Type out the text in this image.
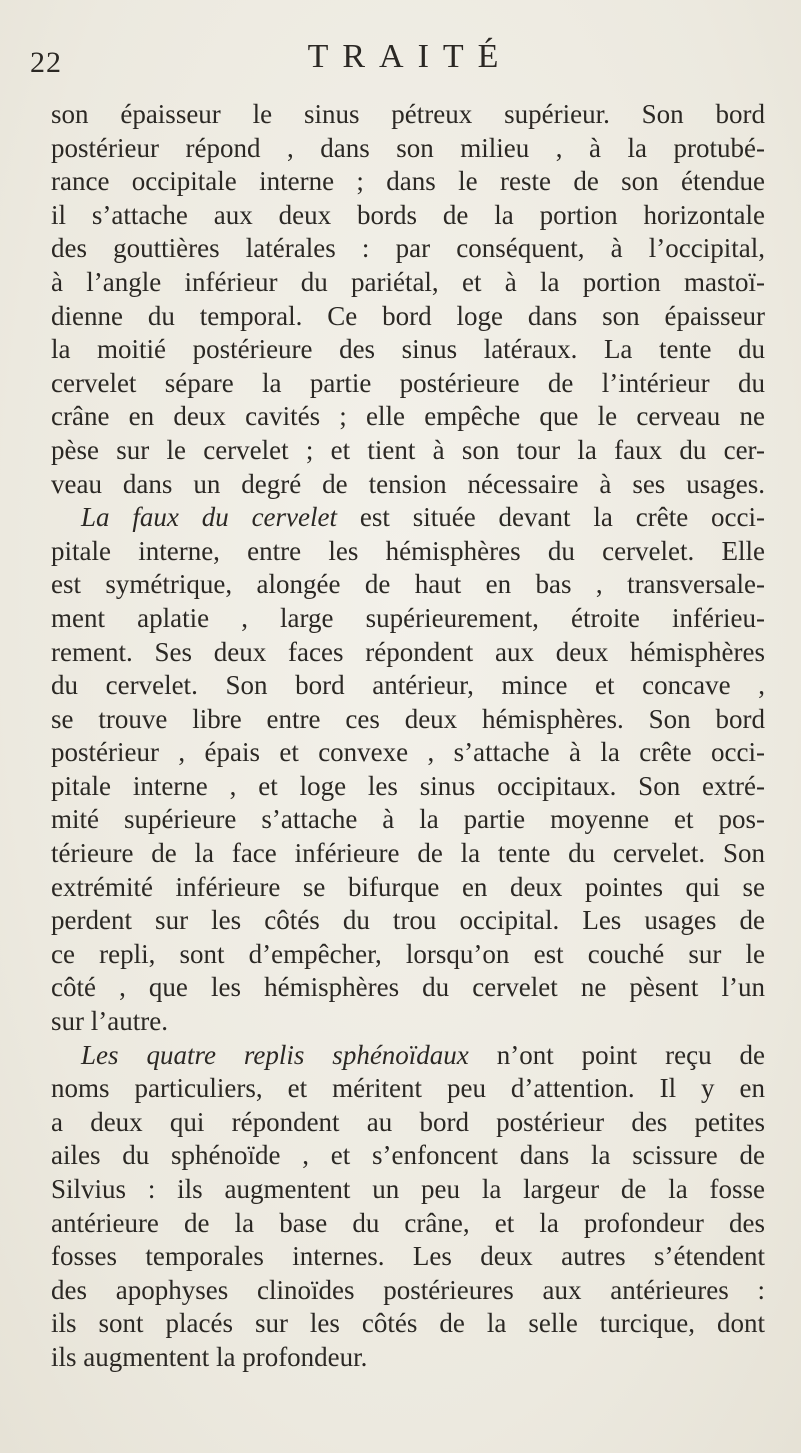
22	TRAITÉ
son épaisseur le sinus pétreux supérieur. Son bord
postérieur répond , dans son milieu , à la protubé-
rance occipitale interne ; dans le reste de son étendue
il s’attache aux deux bords de la portion horizontale
des gouttières latérales : par conséquent, à l’occipital,
à l’angle inférieur du pariétal, et à la portion mastoï-
dienne du temporal. Ce bord loge dans son épaisseur
la moitié postérieure des sinus latéraux. La tente du
cervelet sépare la partie postérieure de l’intérieur du
crâne en deux cavités ; elle empêche que le cerveau ne
pèse sur le cervelet ; et tient à son tour la faux du cer-
veau dans un degré de tension nécessaire à ses usages.
La faux du cervelet est située devant la crête occi-
pitale interne, entre les hémisphères du cervelet. Elle
est symétrique, alongée de haut en bas , transversale-
ment aplatie , large supérieurement, étroite inférieu-
rement. Ses deux faces répondent aux deux hémisphères
du cervelet. Son bord antérieur, mince et concave ,
se trouve libre entre ces deux hémisphères. Son bord
postérieur , épais et convexe , s’attache à la crête occi-
pitale interne , et loge les sinus occipitaux. Son extré-
mité supérieure s’attache à la partie moyenne et pos-
térieure de la face inférieure de la tente du cervelet. Son
extrémité inférieure se bifurque en deux pointes qui se
perdent sur les côtés du trou occipital. Les usages de
ce repli, sont d’empêcher, lorsqu’on est couché sur le
côté , que les hémisphères du cervelet ne pèsent l’un
sur l’autre.
Les quatre replis sphénoïdaux n’ont point reçu de
noms particuliers, et méritent peu d’attention. Il y en
a deux qui répondent au bord postérieur des petites
ailes du sphénoïde , et s’enfoncent dans la scissure de
Silvius : ils augmentent un peu la largeur de la fosse
antérieure de la base du crâne, et la profondeur des
fosses temporales internes. Les deux autres s’étendent
des apophyses clinoïdes postérieures aux antérieures :
ils sont placés sur les côtés de la selle turcique, dont
ils augmentent la profondeur.
